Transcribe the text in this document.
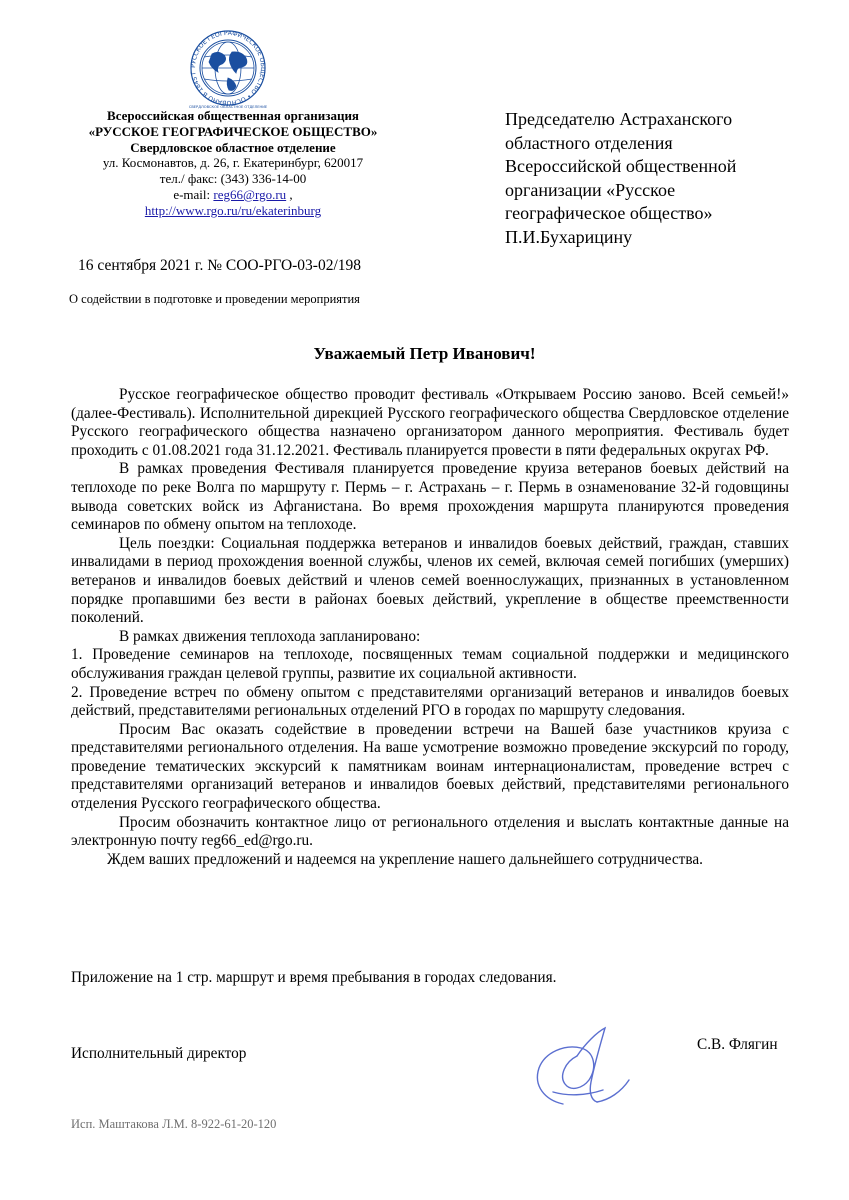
РУССКОЕ ГЕОГРАФИЧЕСКОЕ ОБЩЕСТВО • ОСНОВАНО В 1845 Г
СВЕРДЛОВСКОЕ ОБЛАСТНОЕ ОТДЕЛЕНИЕ
Всероссийская общественная организация
«РУССКОЕ ГЕОГРАФИЧЕСКОЕ ОБЩЕСТВО»
Свердловское областное отделение
ул. Космонавтов, д. 26, г. Екатеринбург, 620017
тел./ факс: (343) 336-14-00
e-mail: reg66@rgo.ru ,
http://www.rgo.ru/ru/ekaterinburg
Председателю Астраханского
областного отделения
Всероссийской общественной
организации «Русское
географическое общество»
П.И.Бухарицину
16 сентября 2021 г. № СОО-РГО-03-02/198
О содействии в подготовке и проведении мероприятия
Уважаемый Петр Иванович!

Русское географическое общество проводит фестиваль «Открываем Россию заново. Всей семьей!» (далее-Фестиваль). Исполнительной дирекцией Русского географического общества Свердловское отделение Русского географического общества назначено организатором данного мероприятия. Фестиваль будет проходить с 01.08.2021 года 31.12.2021. Фестиваль планируется провести в пяти федеральных округах РФ.

В рамках проведения Фестиваля планируется проведение круиза ветеранов боевых действий на теплоходе по реке Волга по маршруту г. Пермь – г. Астрахань – г. Пермь в ознаменование 32-й годовщины вывода советских войск из Афганистана. Во время прохождения маршрута планируются проведения семинаров по обмену опытом на теплоходе.

Цель поездки: Социальная поддержка ветеранов и инвалидов боевых действий, граждан, ставших инвалидами в период прохождения военной службы, членов их семей, включая семей погибших (умерших) ветеранов и инвалидов боевых действий и членов семей военнослужащих, признанных в установленном порядке пропавшими без вести в районах боевых действий, укрепление в обществе преемственности поколений.

В рамках движения теплохода запланировано:

1. Проведение семинаров на теплоходе, посвященных темам социальной поддержки и медицинского обслуживания граждан целевой группы, развитие их социальной активности.

2. Проведение встреч по обмену опытом с представителями организаций ветеранов и инвалидов боевых действий, представителями региональных отделений РГО в городах по маршруту следования.

Просим Вас оказать содействие в проведении встречи на Вашей базе участников круиза с представителями регионального отделения. На ваше усмотрение возможно проведение экскурсий по городу, проведение тематических экскурсий к памятникам воинам интернационалистам, проведение встреч с представителями организаций ветеранов и инвалидов боевых действий, представителями регионального отделения Русского географического общества.

Просим обозначить контактное лицо от регионального отделения и выслать контактные данные на электронную почту reg66_ed@rgo.ru.

Ждем ваших предложений и надеемся на укрепление нашего дальнейшего сотрудничества.

Приложение на 1 стр. маршрут и время пребывания в городах следования.
Исполнительный директор
С.В. Флягин
Исп. Маштакова Л.М. 8-922-61-20-120
